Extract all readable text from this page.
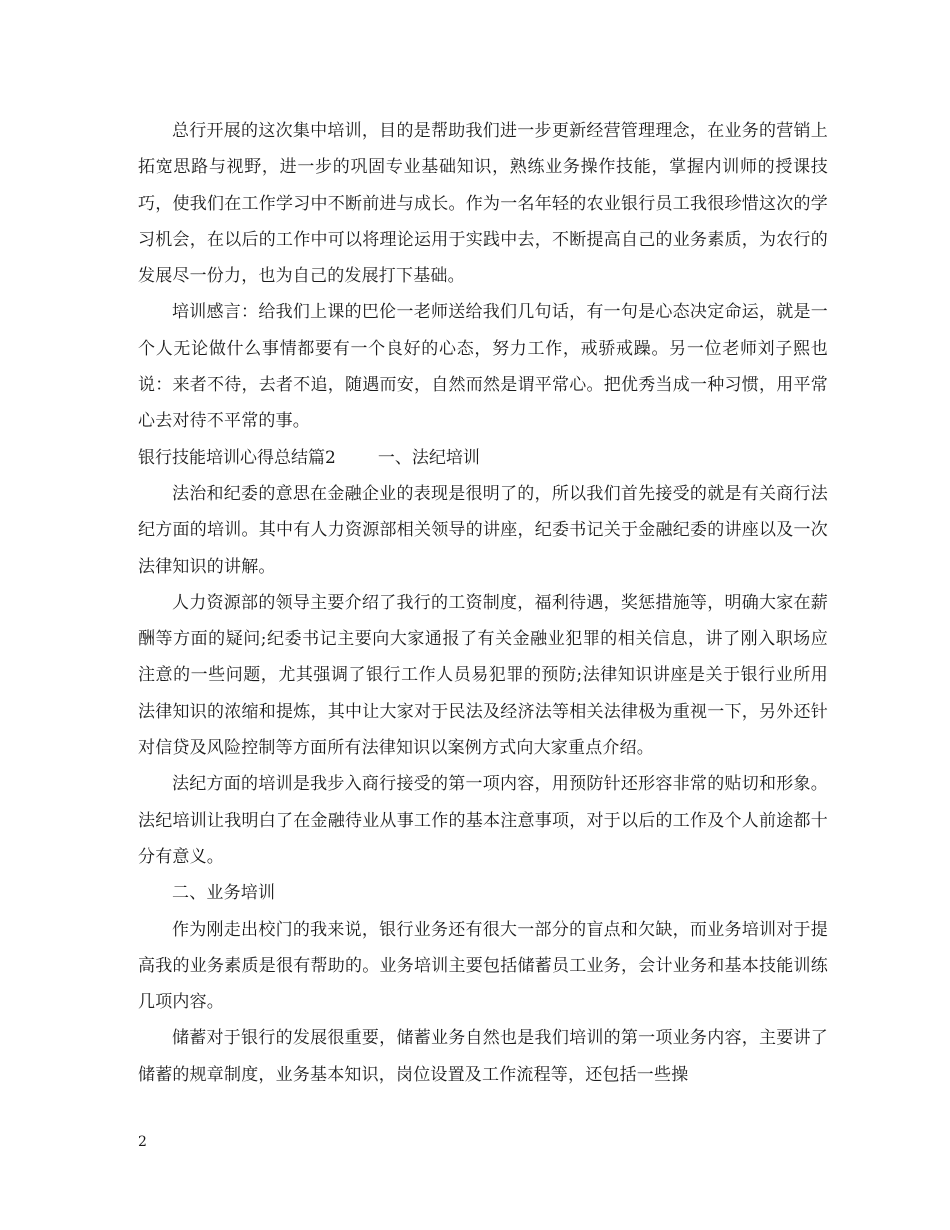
总行开展的这次集中培训，目的是帮助我们进一步更新经营管理理念，在业务的营销上拓宽思路与视野，进一步的巩固专业基础知识，熟练业务操作技能，掌握内训师的授课技巧，使我们在工作学习中不断前进与成长。作为一名年轻的农业银行员工我很珍惜这次的学习机会，在以后的工作中可以将理论运用于实践中去，不断提高自己的业务素质，为农行的发展尽一份力，也为自己的发展打下基础。

培训感言：给我们上课的巴伦一老师送给我们几句话，有一句是心态决定命运，就是一个人无论做什么事情都要有一个良好的心态，努力工作，戒骄戒躁。另一位老师刘子熙也说：来者不待，去者不追，随遇而安，自然而然是谓平常心。把优秀当成一种习惯，用平常心去对待不平常的事。

银行技能培训心得总结篇2 一、法纪培训

法治和纪委的意思在金融企业的表现是很明了的，所以我们首先接受的就是有关商行法纪方面的培训。其中有人力资源部相关领导的讲座，纪委书记关于金融纪委的讲座以及一次法律知识的讲解。

人力资源部的领导主要介绍了我行的工资制度，福利待遇，奖惩措施等，明确大家在薪酬等方面的疑问;纪委书记主要向大家通报了有关金融业犯罪的相关信息，讲了刚入职场应注意的一些问题，尤其强调了银行工作人员易犯罪的预防;法律知识讲座是关于银行业所用法律知识的浓缩和提炼，其中让大家对于民法及经济法等相关法律极为重视一下，另外还针对信贷及风险控制等方面所有法律知识以案例方式向大家重点介绍。

法纪方面的培训是我步入商行接受的第一项内容，用预防针还形容非常的贴切和形象。法纪培训让我明白了在金融待业从事工作的基本注意事项，对于以后的工作及个人前途都十分有意义。

二、业务培训

作为刚走出校门的我来说，银行业务还有很大一部分的盲点和欠缺，而业务培训对于提高我的业务素质是很有帮助的。业务培训主要包括储蓄员工业务，会计业务和基本技能训练几项内容。

储蓄对于银行的发展很重要，储蓄业务自然也是我们培训的第一项业务内容，主要讲了储蓄的规章制度，业务基本知识，岗位设置及工作流程等，还包括一些操

2
